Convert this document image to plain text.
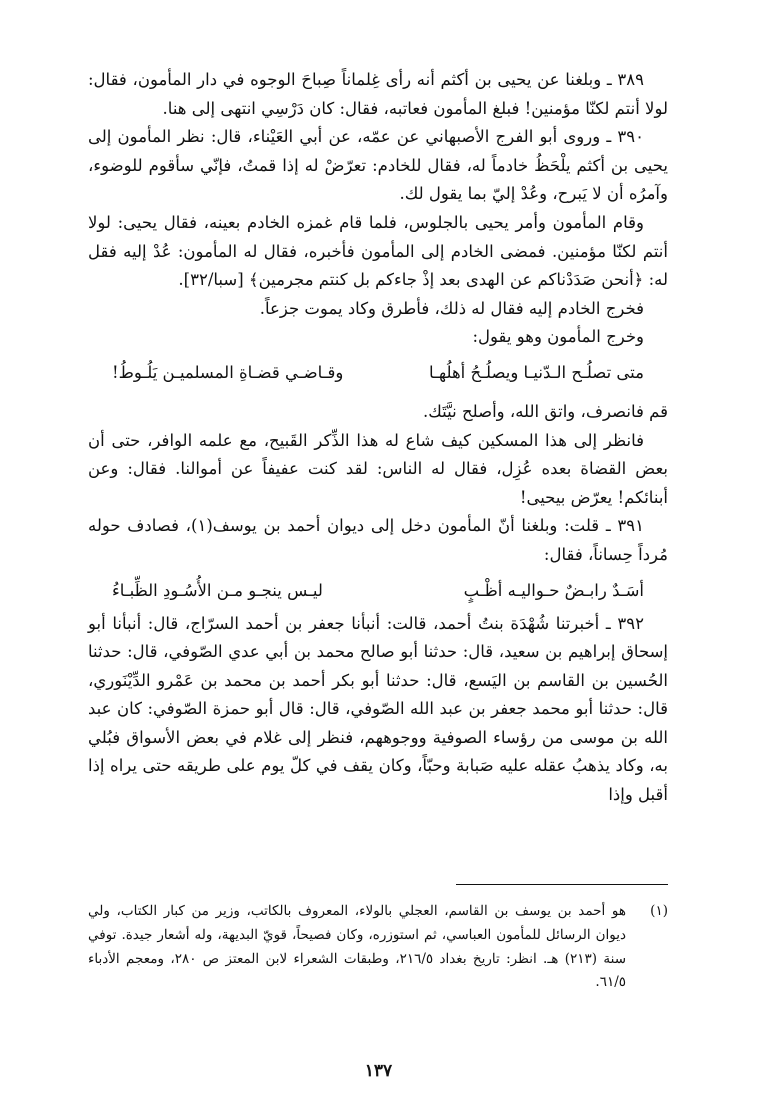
٣٨٩ ـ وبلغنا عن يحيى بن أكثم أنه رأى غِلماناً صِباحَ الوجوه في دار المأمون، فقال: لولا أنتم لكنّا مؤمنين! فبلغ المأمون فعاتبه، فقال: كان دَرْسِي انتهى إلى هنا.

٣٩٠ ـ وروى أبو الفرج الأصبهاني عن عمّه، عن أبي العَيْناء، قال: نظر المأمون إلى يحيى بن أكثم يلْحَظُ خادماً له، فقال للخادم: تعرّضْ له إذا قمتُ، فإنّي سأقوم للوضوء، وآمرُه أن لا يَبرح، وعُدْ إليّ بما يقول لك.

وقام المأمون وأمر يحيى بالجلوس، فلما قام غمزه الخادم بعينه، فقال يحيى: لولا أنتم لكنّا مؤمنين. فمضى الخادم إلى المأمون فأخبره، فقال له المأمون: عُدْ إليه فقل له: ﴿أنحن صَدَدْناكم عن الهدى بعد إذْ جاءكم بل كنتم مجرمين﴾ [سبا/٣٢].

فخرج الخادم إليه فقال له ذلك، فأطرق وكاد يموت جزعاً.

وخرج المأمون وهو يقول:

متى تصلُـح الـدّنيـا ويصلُـحُ أهلُهـا
وقـاضـي قضـاةِ المسلميـن يَلُـوطُ!

قم فانصرف، واتق الله، وأصلح نيَّتَك.

فانظر إلى هذا المسكين كيف شاع له هذا الذِّكر القَبيح، مع علمه الوافر، حتى أن بعض القضاة بعده عُزِل، فقال له الناس: لقد كنت عفيفاً عن أموالنا. فقال: وعن أبنائكم! يعرّض بيحيى!

٣٩١ ـ قلت: وبلغنا أنّ المأمون دخل إلى ديوان أحمد بن يوسف(١)، فصادف حوله مُرداً حِساناً، فقال:

أسَـدٌ رابـضٌ حـواليـه أظْـبٍ
ليـس ينجـو مـن الأُسُـودِ الظِّبـاءُ

٣٩٢ ـ أخبرتنا شُهْدَة بنتُ أحمد، قالت: أنبأنا جعفر بن أحمد السرّاج، قال: أنبأنا أبو إسحاق إبراهيم بن سعيد، قال: حدثنا أبو صالح محمد بن أبي عدي الصّوفي، قال: حدثنا الحُسين بن القاسم بن اليَسع، قال: حدثنا أبو بكر أحمد بن محمد بن عَمْرو الدِّيْنَوري، قال: حدثنا أبو محمد جعفر بن عبد الله الصّوفي، قال: قال أبو حمزة الصّوفي: كان عبد الله بن موسى من رؤساء الصوفية ووجوههم، فنظر إلى غلام في بعض الأسواق فبُلي به، وكاد يذهبُ عقله عليه صَبابة وحبّاً، وكان يقف في كلّ يوم على طريقه حتى يراه إذا أقبل وإذا

(١)
هو أحمد بن يوسف بن القاسم، العجلي بالولاء، المعروف بالكاتب، وزير من كبار الكتاب، ولي ديوان الرسائل للمأمون العباسي، ثم استوزره، وكان فصيحاً، قويّ البديهة، وله أشعار جيدة. توفي سنة (٢١٣) هـ. انظر: تاريخ بغداد ٢١٦/٥، وطبقات الشعراء لابن المعتز ص ٢٨٠، ومعجم الأدباء ٦١/٥.
١٣٧
